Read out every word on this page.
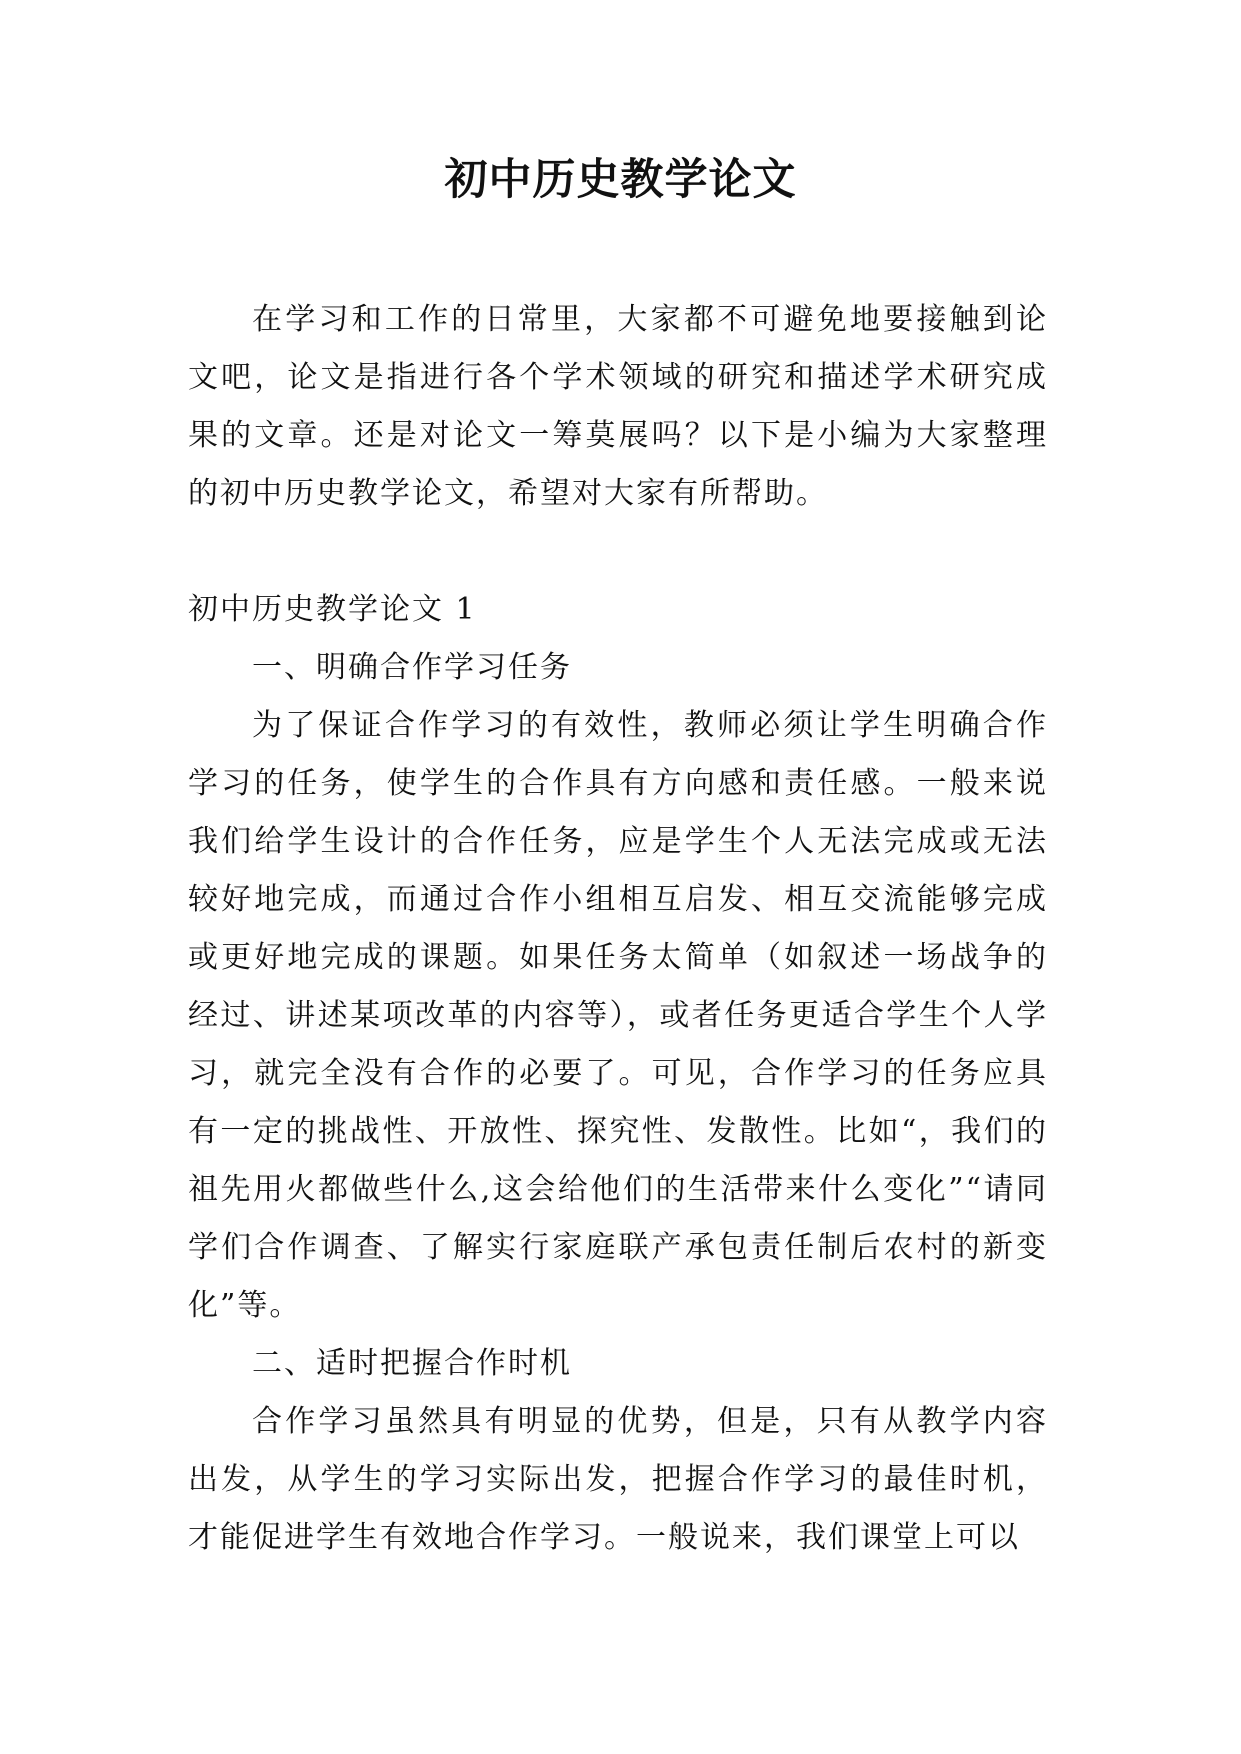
初中历史教学论文

在学习和工作的日常里，大家都不可避免地要接触到论文吧，论文是指进行各个学术领域的研究和描述学术研究成果的文章。还是对论文一筹莫展吗？以下是小编为大家整理的初中历史教学论文，希望对大家有所帮助。

初中历史教学论文 1

一、明确合作学习任务

为了保证合作学习的有效性，教师必须让学生明确合作学习的任务，使学生的合作具有方向感和责任感。一般来说我们给学生设计的合作任务，应是学生个人无法完成或无法较好地完成，而通过合作小组相互启发、相互交流能够完成或更好地完成的课题。如果任务太简单（如叙述一场战争的经过、讲述某项改革的内容等），或者任务更适合学生个人学习，就完全没有合作的必要了。可见，合作学习的任务应具有一定的挑战性、开放性、探究性、发散性。比如“，我们的祖先用火都做些什么,这会给他们的生活带来什么变化”“请同学们合作调查、了解实行家庭联产承包责任制后农村的新变化”等。

二、适时把握合作时机

合作学习虽然具有明显的优势，但是，只有从教学内容出发，从学生的学习实际出发，把握合作学习的最佳时机，才能促进学生有效地合作学习。一般说来，我们课堂上可以
